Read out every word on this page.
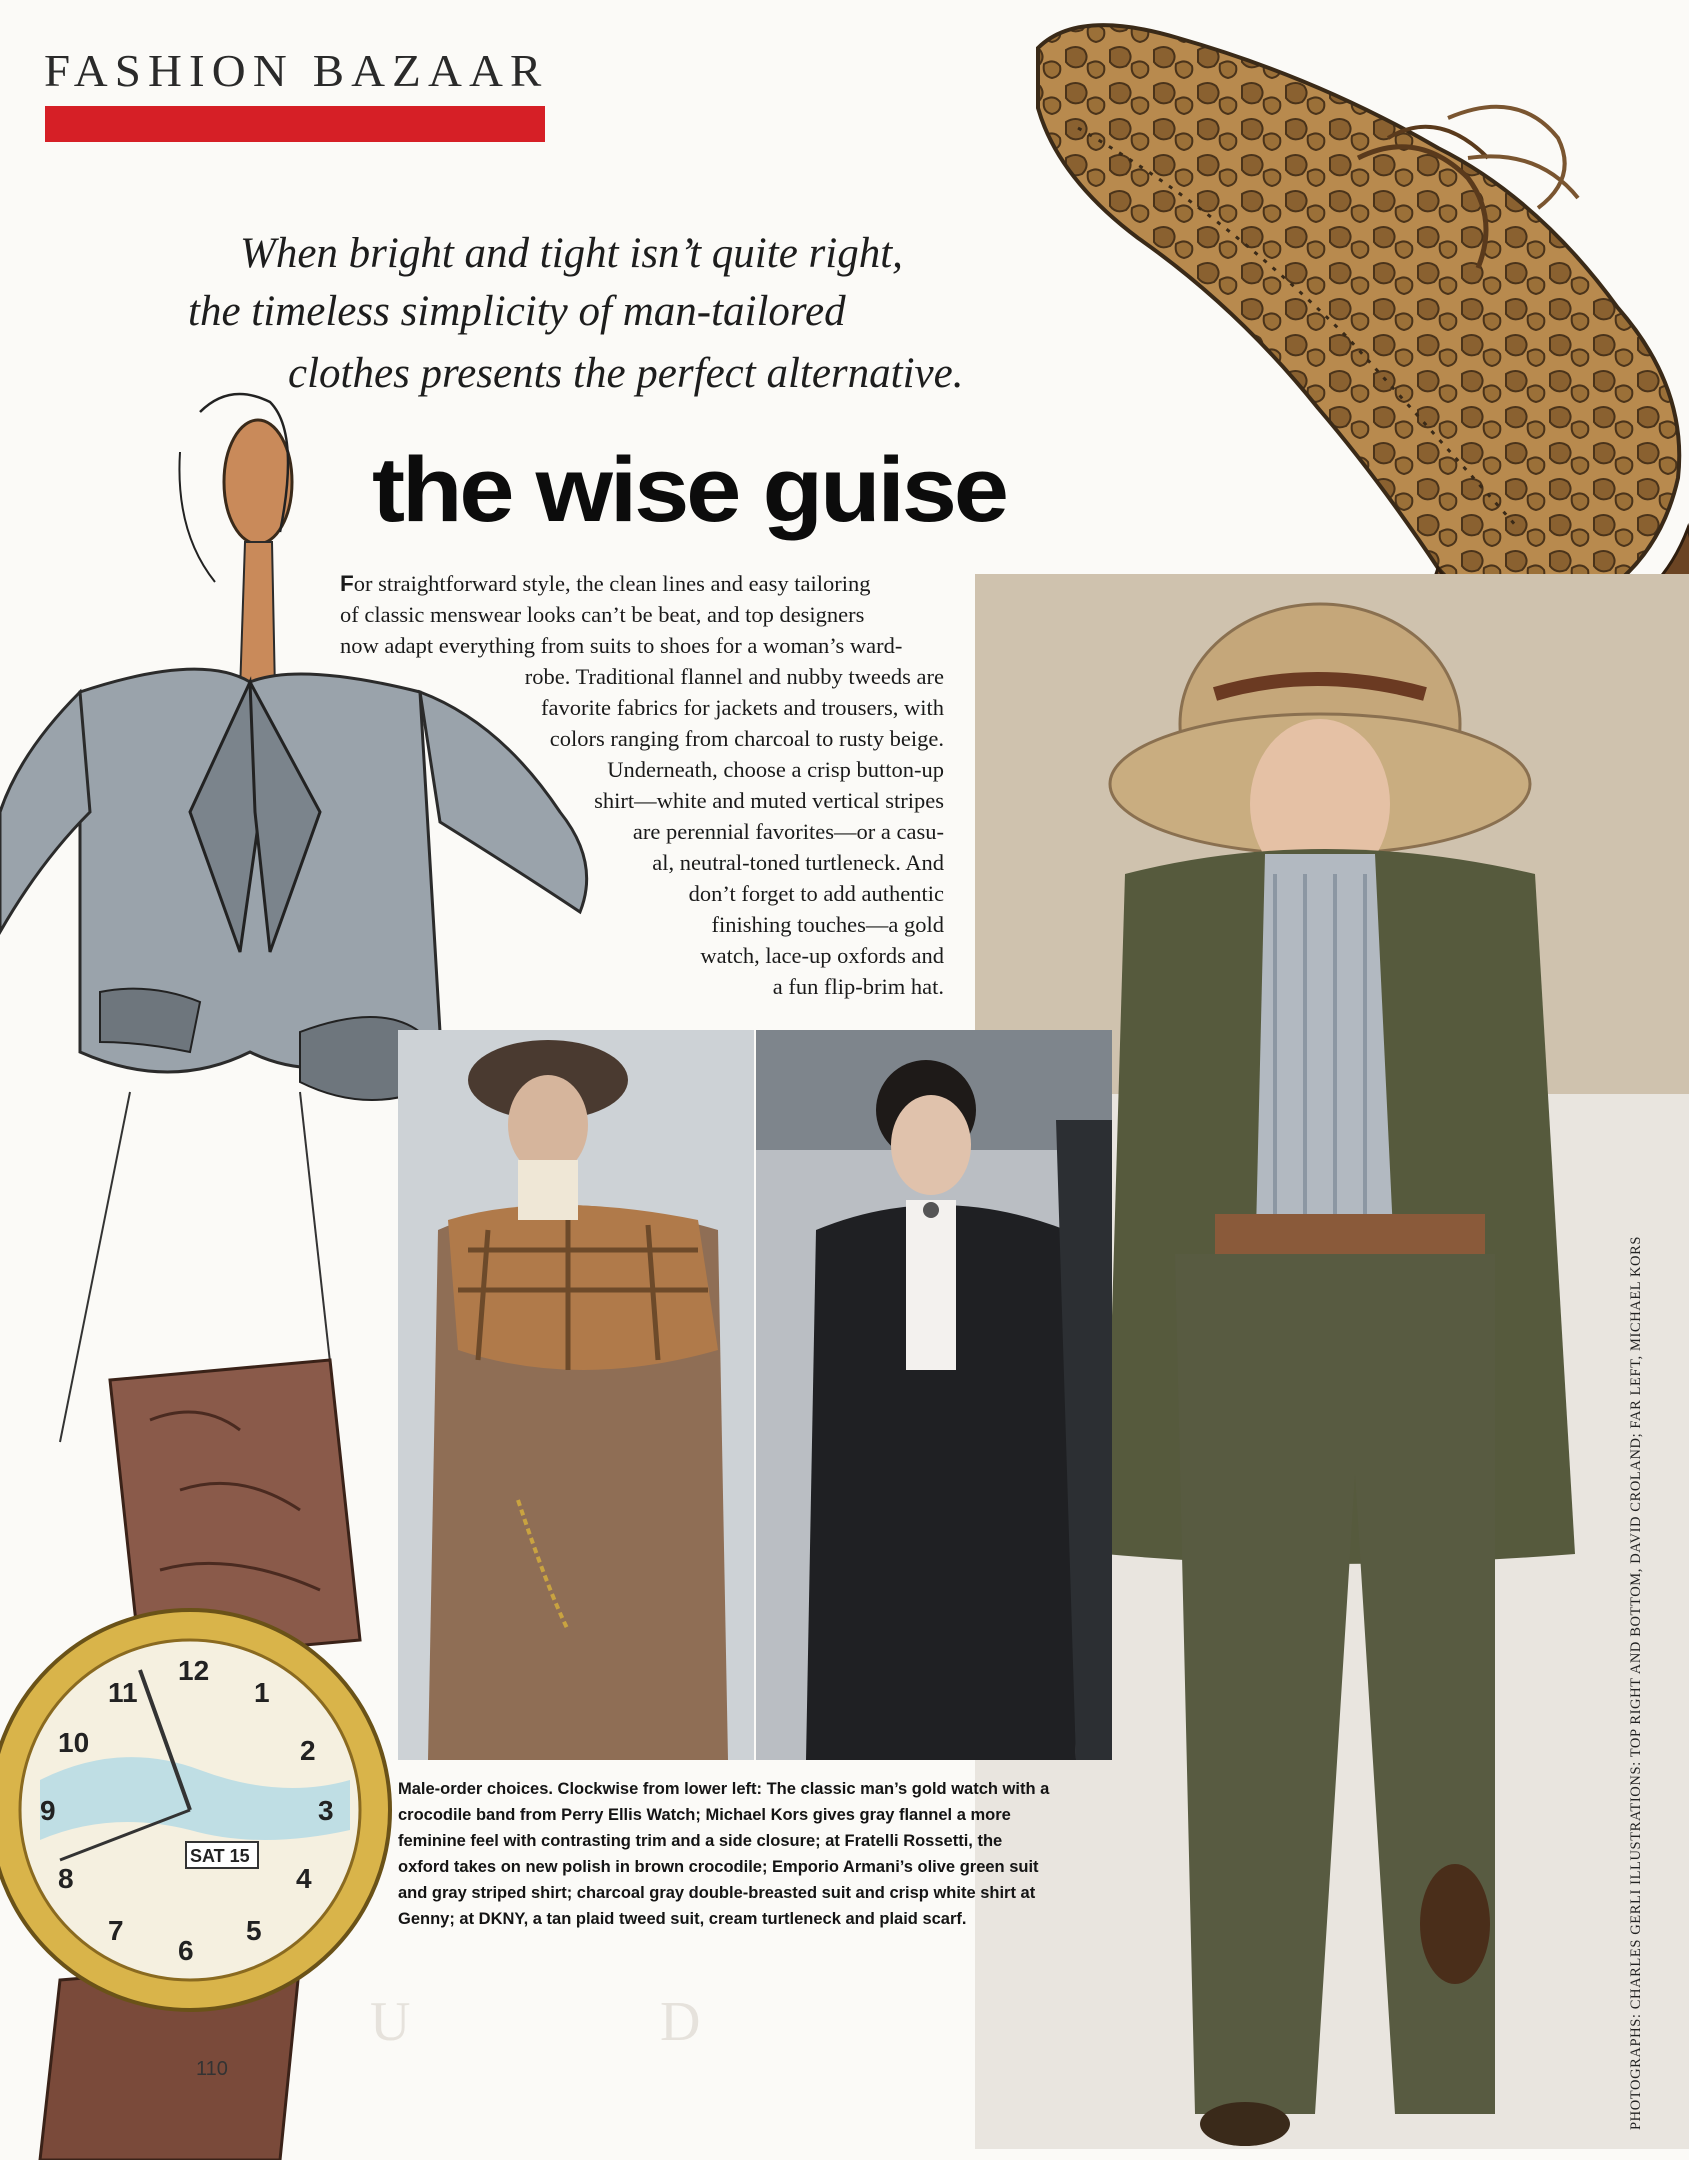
FASHION BAZAAR
SAT 15
12
1
2
3
4
5
6
7
8
9
10
11
When bright and tight isn’t quite right,
the timeless simplicity of man-tailored
clothes presents the perfect alternative.
the wise guise
For straightforward style, the clean lines and easy tailoring
of classic menswear looks can’t be beat, and top designers
now adapt everything from suits to shoes for a woman’s ward-
robe. Traditional flannel and nubby tweeds are
favorite fabrics for jackets and trousers, with
colors ranging from charcoal to rusty beige.
Underneath, choose a crisp button-up
shirt—white and muted vertical stripes
are perennial favorites—or a casu-
al, neutral-toned turtleneck. And
don’t forget to add authentic
finishing touches—a gold
watch, lace-up oxfords and
a fun flip-brim hat.
Male-order choices. Clockwise from lower left: The classic man’s gold watch with a
crocodile band from Perry Ellis Watch; Michael Kors gives gray flannel a more
feminine feel with contrasting trim and a side closure; at Fratelli Rossetti, the
oxford takes on new polish in brown crocodile; Emporio Armani’s olive green suit
and gray striped shirt; charcoal gray double-breasted suit and crisp white shirt at
Genny; at DKNY, a tan plaid tweed suit, cream turtleneck and plaid scarf.
U	D	PHOTOGRAPHS: CHARLES GERLI ILLUSTRATIONS: TOP RIGHT AND BOTTOM, DAVID CROLAND; FAR LEFT, MICHAEL KORS
110
